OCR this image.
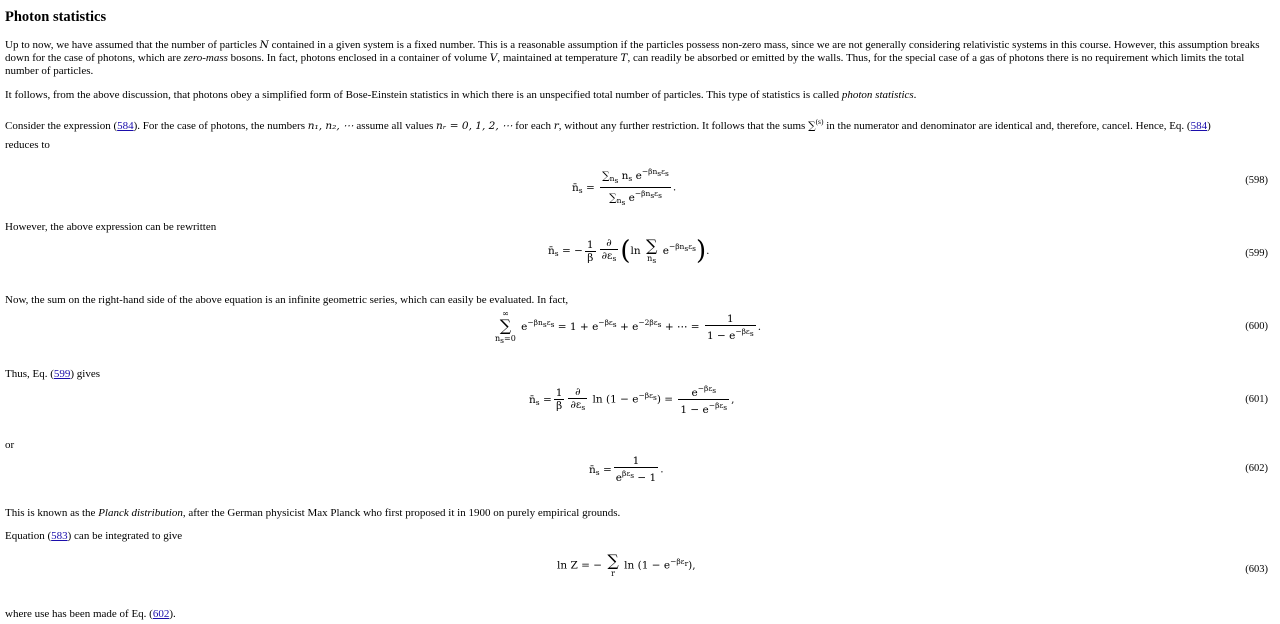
Photon statistics
Up to now, we have assumed that the number of particles N contained in a given system is a fixed number. This is a reasonable assumption if the particles possess non-zero mass, since we are not generally considering relativistic systems in this course. However, this assumption breaks down for the case of photons, which are zero-mass bosons. In fact, photons enclosed in a container of volume V, maintained at temperature T, can readily be absorbed or emitted by the walls. Thus, for the special case of a gas of photons there is no requirement which limits the total number of particles.
It follows, from the above discussion, that photons obey a simplified form of Bose-Einstein statistics in which there is an unspecified total number of particles. This type of statistics is called photon statistics.
Consider the expression (584). For the case of photons, the numbers n₁, n₂, ⋯ assume all values nᵣ = 0, 1, 2, ⋯ for each r, without any further restriction. It follows that the sums ∑$^{(s)}$ in the numerator and denominator are identical and, therefore, cancel. Hence, Eq. (584)
reduces to
$n̄_s = \frac{\sum_{n_s} n_s e^{-\beta n_s\varepsilon_s}}{\sum_{n_s} e^{-\beta n_s\varepsilon_s}}$ .
(598)
However, the above expression can be rewritten
$n̄_s$ = − $\frac{1}{\beta} \frac{\partial}{\partial\varepsilon_s} (\ln$ ∑
$n_s$ $e^{-\beta n_s\varepsilon_s}$).	(599)
Now, the sum on the right-hand side of the above equation is an infinite geometric series, which can easily be evaluated. In fact,
∞
∑
$n_s=0$ $e^{-\beta n_s\varepsilon_s} = 1 + e^{-\beta\varepsilon_s} + e^{-2\beta\varepsilon_s}$ + ⋯ = $\frac{1}{1 - e^{-\beta\varepsilon_s}}$ .	(600)
Thus, Eq. (599) gives
$n̄_s = \frac{1}{\beta} \frac{\partial}{\partial\varepsilon_s}$ $\ln (1 - e^{-\beta\varepsilon_s}) = \frac{e^{-\beta\varepsilon_s}}{1 - e^{-\beta\varepsilon_s}}$ ,	(601)
or
$n̄_s = \frac{1}{e^{\beta\varepsilon_s} - 1}$ .	(602)
This is known as the Planck distribution, after the German physicist Max Planck who first proposed it in 1900 on purely empirical grounds.
Equation (583) can be integrated to give
ln Z = − ∑
r $\ln (1 - e^{-\beta\varepsilon_r})$,	(603)
where use has been made of Eq. (602).
